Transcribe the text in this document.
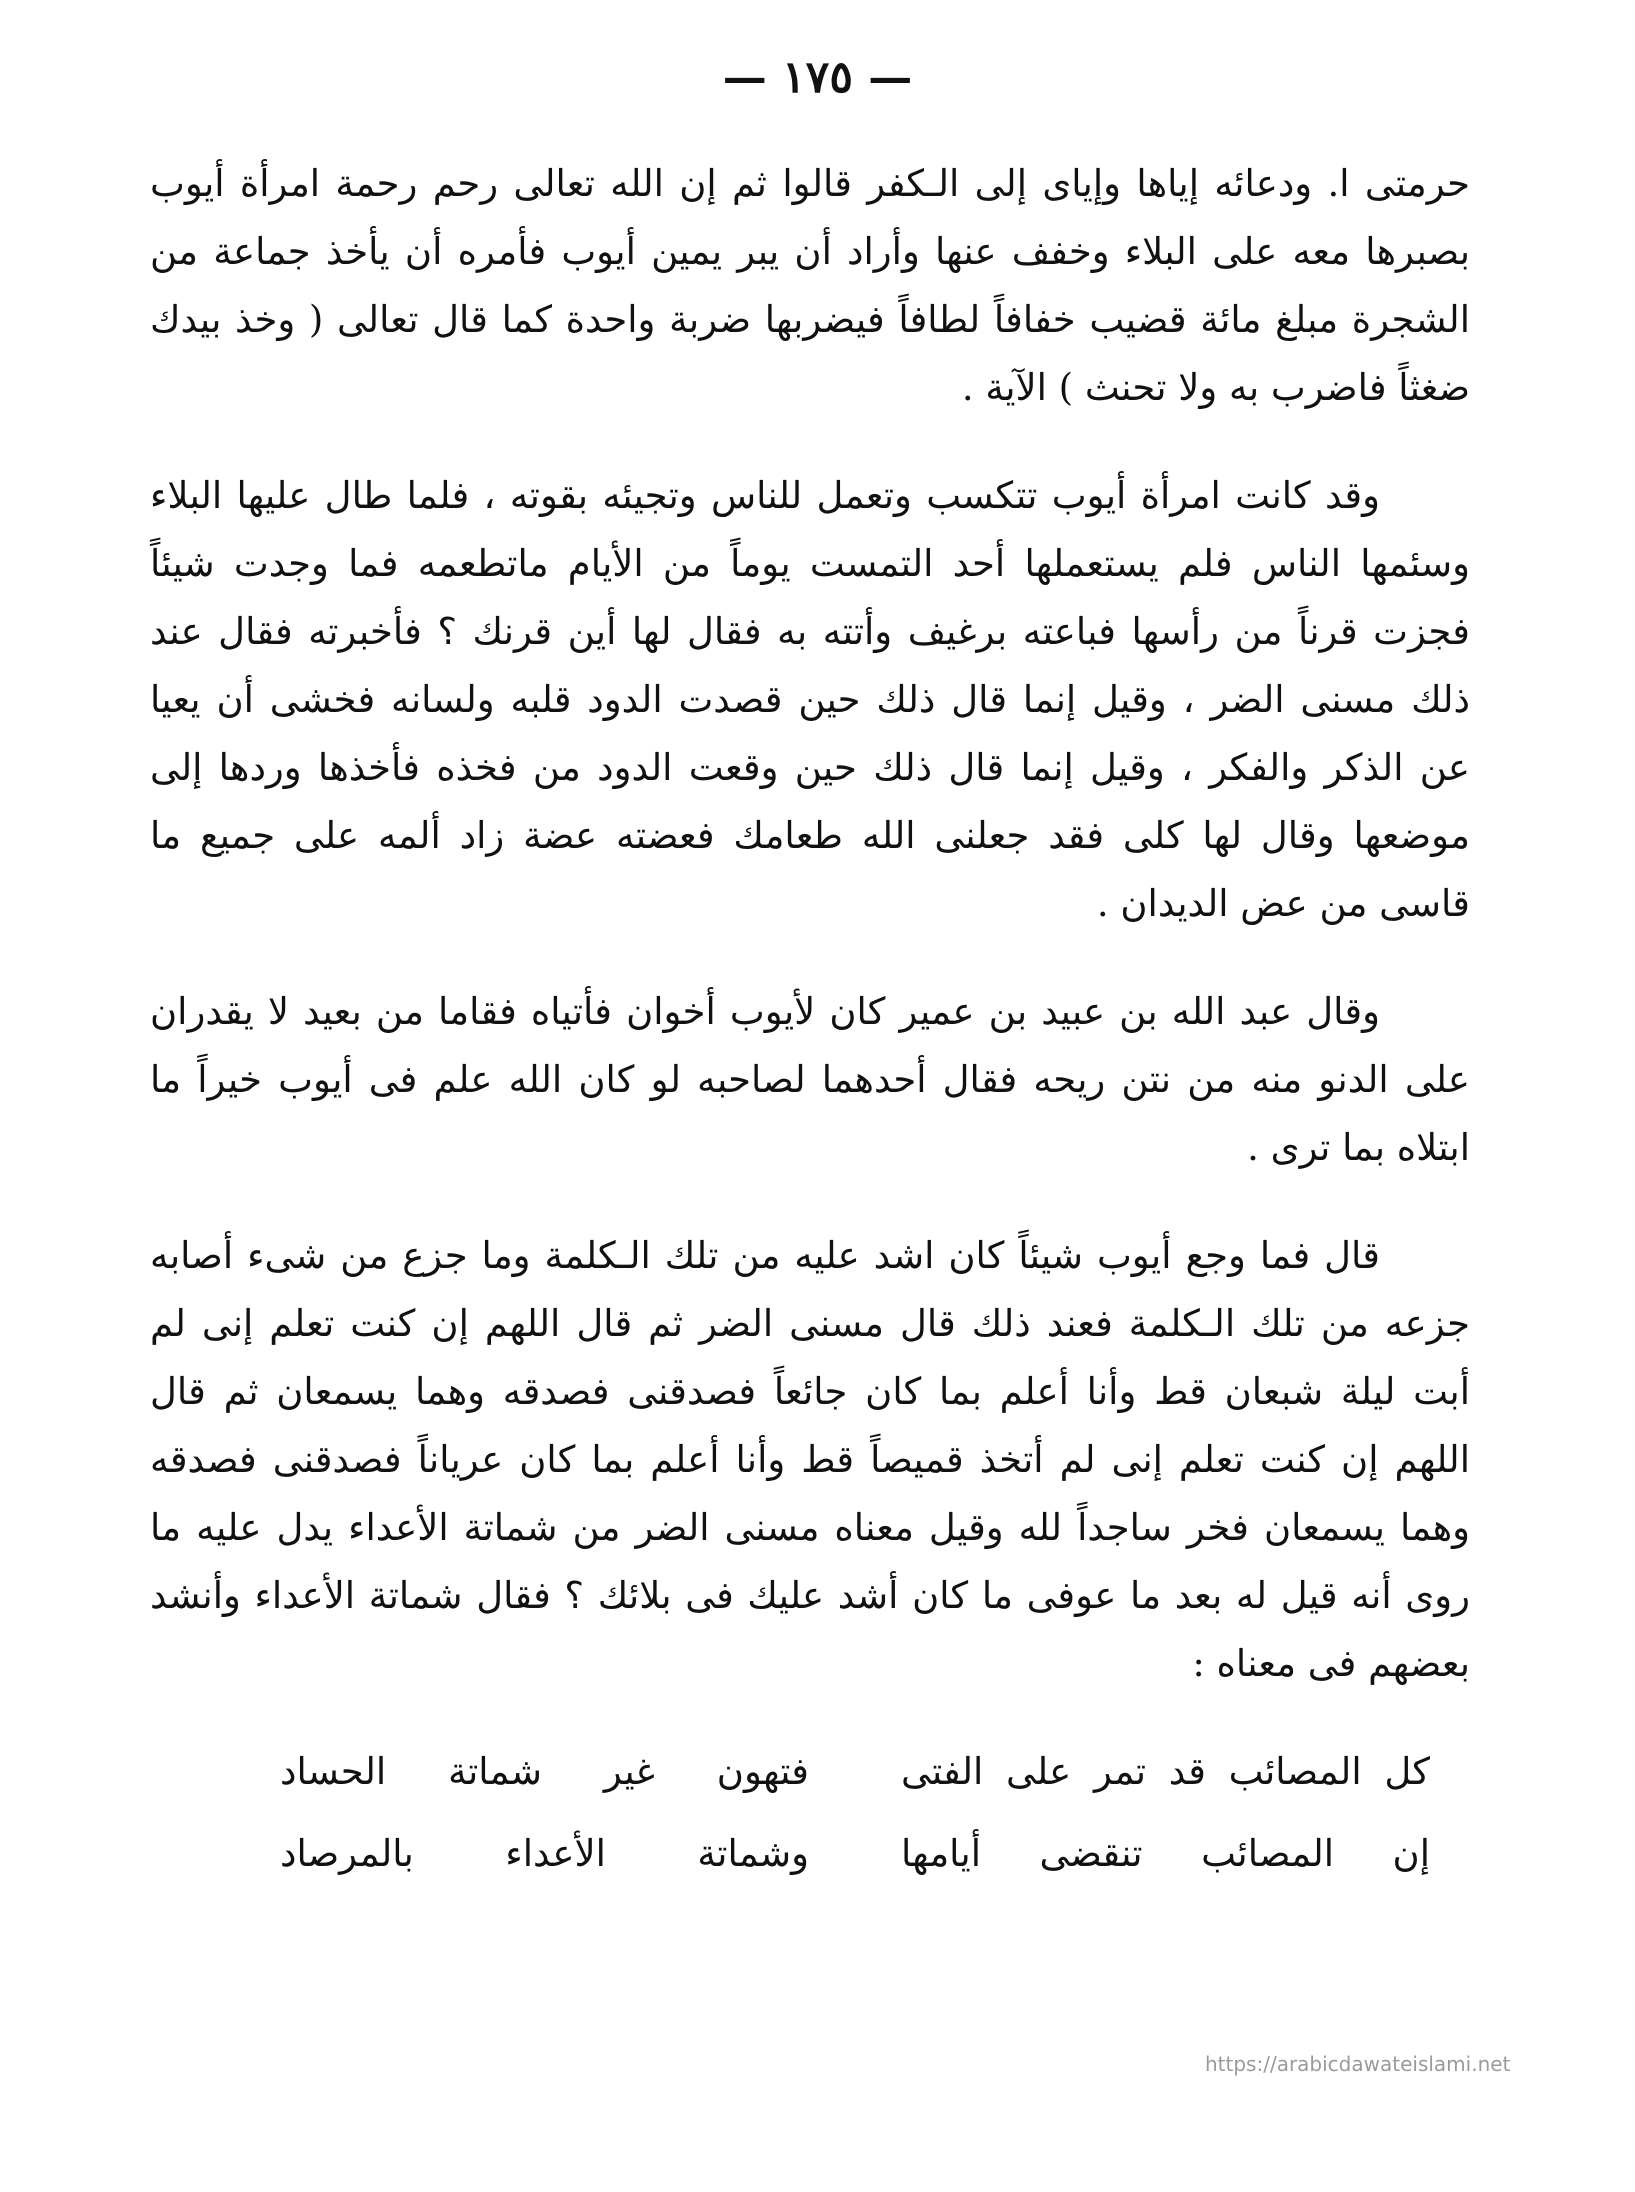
— ١٧٥ —

حرمتى ا. ودعائه إياها وإياى إلى الـكفر قالوا ثم إن الله تعالى رحم رحمة امرأة أيوب بصبرها معه على البلاء وخفف عنها وأراد أن يبر يمين أيوب فأمره أن يأخذ جماعة من الشجرة مبلغ مائة قضيب خفافاً لطافاً فيضربها ضربة واحدة كما قال تعالى ( وخذ بيدك ضغثاً فاضرب به ولا تحنث ) الآية .

وقد كانت امرأة أيوب تتكسب وتعمل للناس وتجيئه بقوته ، فلما طال عليها البلاء وسئمها الناس فلم يستعملها أحد التمست يوماً من الأيام ماتطعمه فما وجدت شيئاً فجزت قرناً من رأسها فباعته برغيف وأتته به فقال لها أين قرنك ؟ فأخبرته فقال عند ذلك مسنى الضر ، وقيل إنما قال ذلك حين قصدت الدود قلبه ولسانه فخشى أن يعيا عن الذكر والفكر ، وقيل إنما قال ذلك حين وقعت الدود من فخذه فأخذها وردها إلى موضعها وقال لها كلى فقد جعلنى الله طعامك فعضته عضة زاد ألمه على جميع ما قاسى من عض الديدان .

وقال عبد الله بن عبيد بن عمير كان لأيوب أخوان فأتياه فقاما من بعيد لا يقدران على الدنو منه من نتن ريحه فقال أحدهما لصاحبه لو كان الله علم فى أيوب خيراً ما ابتلاه بما ترى .

قال فما وجع أيوب شيئاً كان اشد عليه من تلك الـكلمة وما جزع من شىء أصابه جزعه من تلك الـكلمة فعند ذلك قال مسنى الضر ثم قال اللهم إن كنت تعلم إنى لم أبت ليلة شبعان قط وأنا أعلم بما كان جائعاً فصدقنى فصدقه وهما يسمعان ثم قال اللهم إن كنت تعلم إنى لم أتخذ قميصاً قط وأنا أعلم بما كان عرياناً فصدقنى فصدقه وهما يسمعان فخر ساجداً لله وقيل معناه مسنى الضر من شماتة الأعداء يدل عليه ما روى أنه قيل له بعد ما عوفى ما كان أشد عليك فى بلائك ؟ فقال شماتة الأعداء وأنشد بعضهم فى معناه :

كل المصائب قد تمر على الفتى
فتهون غير شماتة الحساد
إن المصائب تنقضى أيامها
وشماتة الأعداء بالمرصاد
https://arabicdawateislami.net
